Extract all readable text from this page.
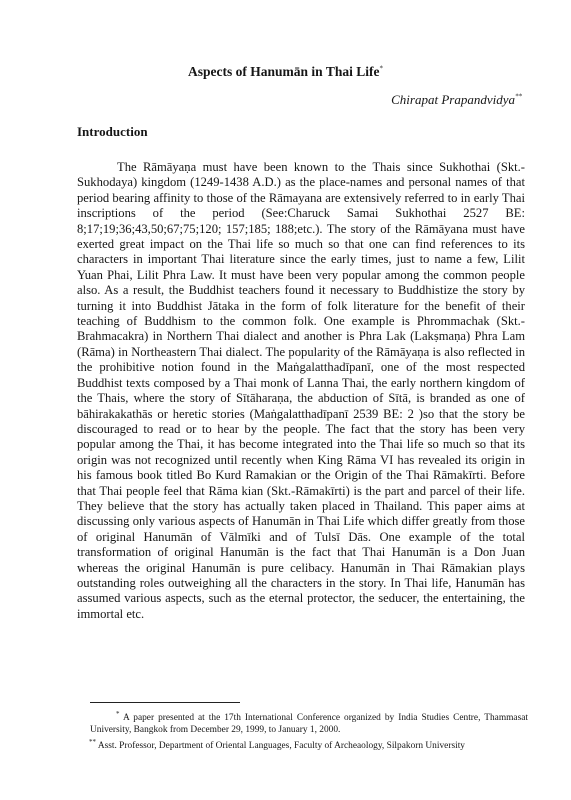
Aspects of Hanumān in Thai Life*
Chirapat Prapandvidya**
Introduction

The Rāmāyaṇa must have been known to the Thais since Sukhothai (Skt.-Sukhodaya) kingdom (1249-1438 A.D.) as the place-names and personal names of that period bearing affinity to those of the Rāmayana are extensively referred to in early Thai inscriptions of the period (See:Charuck Samai Sukhothai 2527 BE: 8;17;19;36;43,50;67;75;120; 157;185; 188;etc.). The story of the Rāmāyana must have exerted great impact on the Thai life so much so that one can find references to its characters in important Thai literature since the early times, just to name a few, Lilit Yuan Phai, Lilit Phra Law. It must have been very popular among the common people also. As a result, the Buddhist teachers found it necessary to Buddhistize the story by turning it into Buddhist Jātaka in the form of folk literature for the benefit of their teaching of Buddhism to the common folk. One example is Phrommachak (Skt.-Brahmacakra) in Northern Thai dialect and another is Phra Lak (Lakṣmaṇa) Phra Lam (Rāma) in Northeastern Thai dialect. The popularity of the Rāmāyaṇa is also reflected in the prohibitive notion found in the Maṅgalatthadīpanī, one of the most respected Buddhist texts composed by a Thai monk of Lanna Thai, the early northern kingdom of the Thais, where the story of Sītāharaṇa, the abduction of Sītā, is branded as one of bāhirakakathās or heretic stories (Maṅgalatthadīpanī 2539 BE: 2 )so that the story be discouraged to read or to hear by the people. The fact that the story has been very popular among the Thai, it has become integrated into the Thai life so much so that its origin was not recognized until recently when King Rāma VI has revealed its origin in his famous book titled Bo Kurd Ramakian or the Origin of the Thai Rāmakīrti. Before that Thai people feel that Rāma kian (Skt.-Rāmakīrti) is the part and parcel of their life. They believe that the story has actually taken placed in Thailand. This paper aims at discussing only various aspects of Hanumān in Thai Life which differ greatly from those of original Hanumān of Vālmīki and of Tulsī Dās. One example of the total transformation of original Hanumān is the fact that Thai Hanumān is a Don Juan whereas the original Hanumān is pure celibacy. Hanumān in Thai Rāmakian plays outstanding roles outweighing all the characters in the story. In Thai life, Hanumān has assumed various aspects, such as the eternal protector, the seducer, the entertaining, the immortal etc.

* A paper presented at the 17th International Conference organized by India Studies Centre, Thammasat University, Bangkok from December 29, 1999, to January 1, 2000.

** Asst. Professor, Department of Oriental Languages, Faculty of Archeaology, Silpakorn University
